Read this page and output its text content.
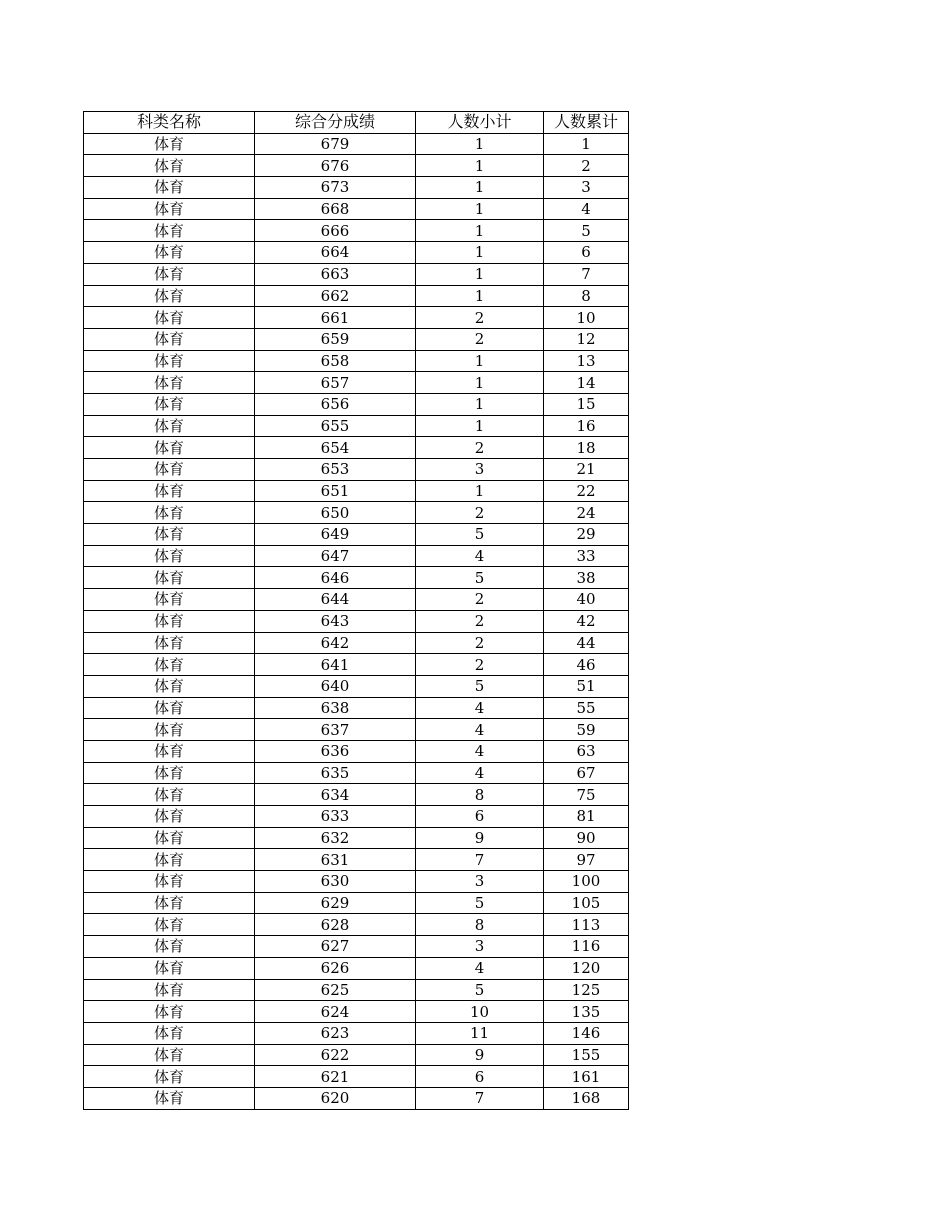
科类名称	综合分成绩	人数小计	人数累计
体育	679	1	1
体育	676	1	2
体育	673	1	3
体育	668	1	4
体育	666	1	5
体育	664	1	6
体育	663	1	7
体育	662	1	8
体育	661	2	10
体育	659	2	12
体育	658	1	13
体育	657	1	14
体育	656	1	15
体育	655	1	16
体育	654	2	18
体育	653	3	21
体育	651	1	22
体育	650	2	24
体育	649	5	29
体育	647	4	33
体育	646	5	38
体育	644	2	40
体育	643	2	42
体育	642	2	44
体育	641	2	46
体育	640	5	51
体育	638	4	55
体育	637	4	59
体育	636	4	63
体育	635	4	67
体育	634	8	75
体育	633	6	81
体育	632	9	90
体育	631	7	97
体育	630	3	100
体育	629	5	105
体育	628	8	113
体育	627	3	116
体育	626	4	120
体育	625	5	125
体育	624	10	135
体育	623	11	146
体育	622	9	155
体育	621	6	161
体育	620	7	168
